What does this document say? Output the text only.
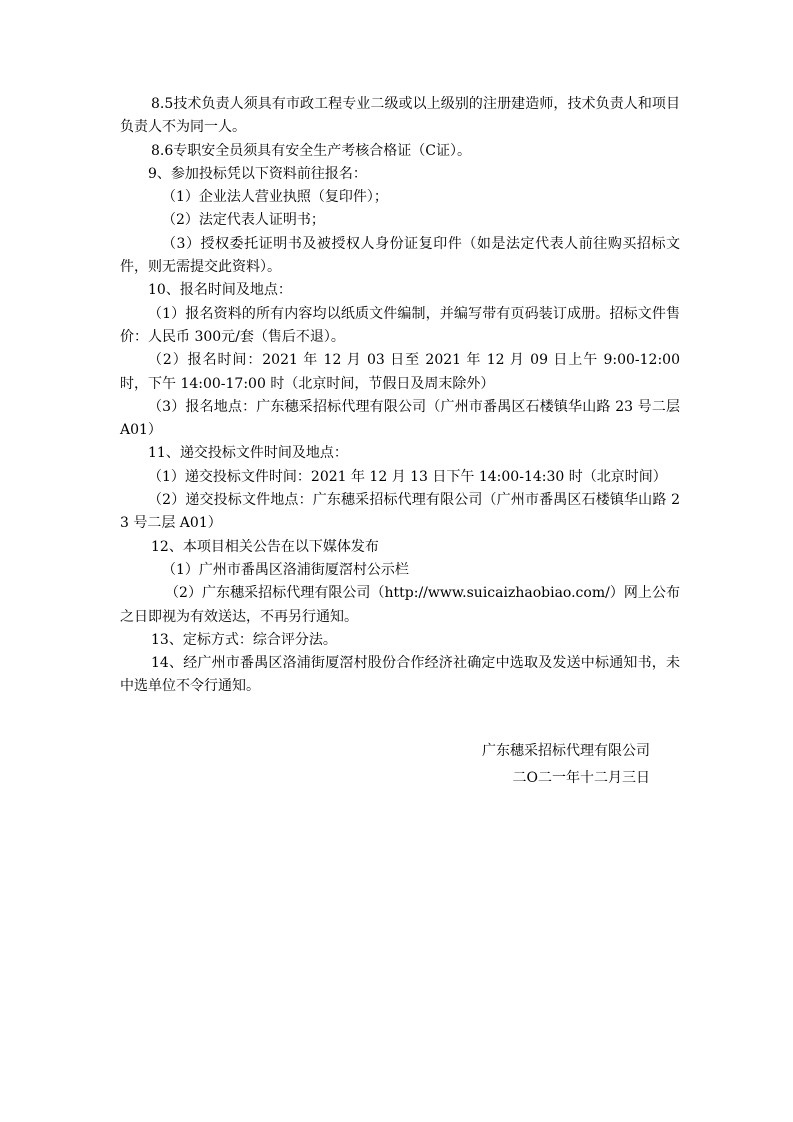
8.5技术负责人须具有市政工程专业二级或以上级别的注册建造师，技术负责人和项目负责人不为同一人。

8.6专职安全员须具有安全生产考核合格证（C证）。

9、参加投标凭以下资料前往报名：

（1）企业法人营业执照（复印件）；

（2）法定代表人证明书；

（3）授权委托证明书及被授权人身份证复印件（如是法定代表人前往购买招标文件，则无需提交此资料）。

10、报名时间及地点：

（1）报名资料的所有内容均以纸质文件编制，并编写带有页码装订成册。招标文件售价：人民币 300元/套（售后不退）。

（2）报名时间：2021 年 12 月 03 日至 2021 年 12 月 09 日上午 9:00-12:00 时，下午 14:00-17:00 时（北京时间，节假日及周末除外）

（3）报名地点：广东穗采招标代理有限公司（广州市番禺区石楼镇华山路 23 号二层 A01）

11、递交投标文件时间及地点：

（1）递交投标文件时间：2021 年 12 月 13 日下午 14:00-14:30 时（北京时间）

（2）递交投标文件地点：广东穗采招标代理有限公司（广州市番禺区石楼镇华山路 23 号二层 A01）

12、本项目相关公告在以下媒体发布

（1）广州市番禺区洛浦街厦滘村公示栏

（2）广东穗采招标代理有限公司（http://www.suicaizhaobiao.com/）网上公布之日即视为有效送达，不再另行通知。

13、定标方式：综合评分法。

14、经广州市番禺区洛浦街厦滘村股份合作经济社确定中选取及发送中标通知书，未中选单位不令行通知。

广东穗采招标代理有限公司

二O二一年十二月三日
